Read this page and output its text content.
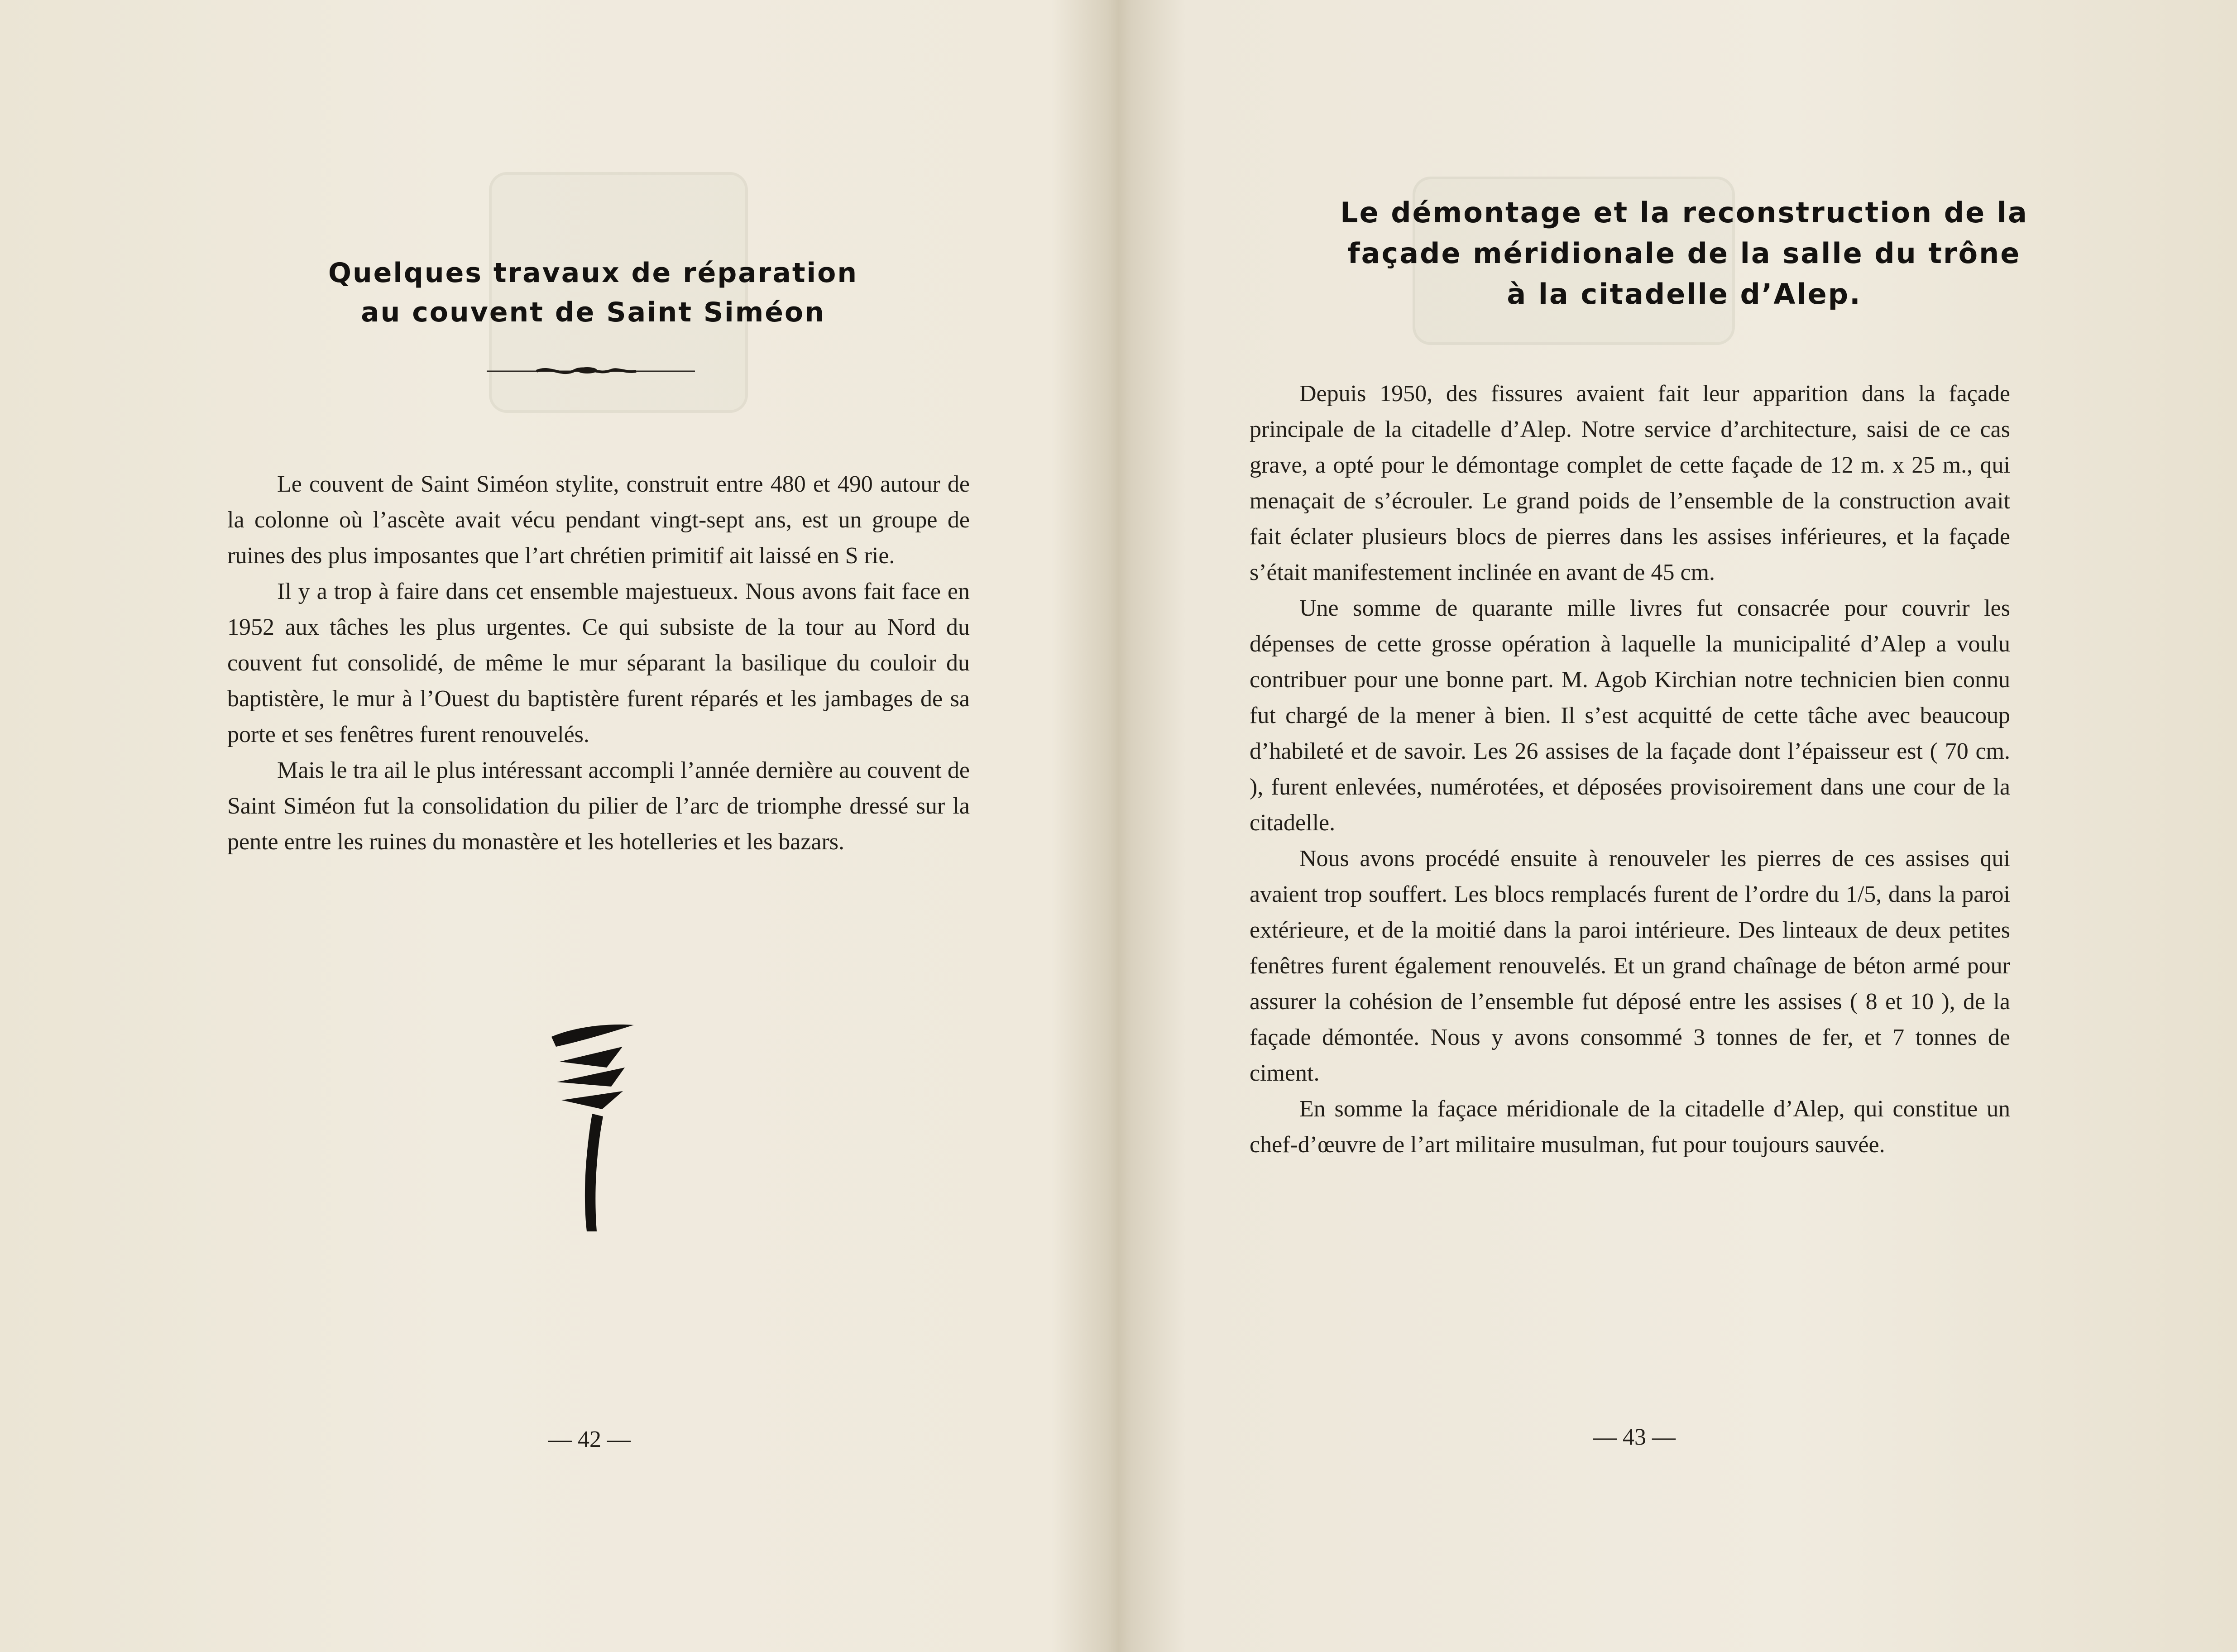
Quelques travaux de réparation
au couvent de Saint Siméon

Le couvent de Saint Siméon stylite, construit entre 480 et 490 autour de la colonne où l’ascète avait vécu pendant vingt-sept ans, est un groupe de ruines des plus imposantes que l’art chrétien primitif ait laissé en S rie.

Il y a trop à faire dans cet ensemble majestueux. Nous avons fait face en 1952 aux tâches les plus urgentes. Ce qui subsiste de la tour au Nord du couvent fut consolidé, de même le mur séparant la basilique du couloir du baptistère, le mur à l’Ouest du baptistère furent réparés et les jambages de sa porte et ses fenêtres furent renouvelés.

Mais le tra ail le plus intéressant accompli l’année dernière au couvent de Saint Siméon fut la consolidation du pilier de l’arc de triomphe dressé sur la pente entre les ruines du monastère et les hotelleries et les bazars.

— 42 —
Le démontage et la reconstruction de la
façade méridionale de la salle du trône
à la citadelle d’Alep.

Depuis 1950, des fissures avaient fait leur apparition dans la façade principale de la citadelle d’Alep. Notre service d’architecture, saisi de ce cas grave, a opté pour le démontage complet de cette façade de 12 m. x 25 m., qui menaçait de s’écrouler. Le grand poids de l’ensemble de la construction avait fait éclater plusieurs blocs de pierres dans les assises inférieures, et la façade s’était manifestement inclinée en avant de 45 cm.

Une somme de quarante mille livres fut consacrée pour couvrir les dépenses de cette grosse opération à laquelle la municipalité d’Alep a voulu contribuer pour une bonne part. M. Agob Kirchian notre technicien bien connu fut chargé de la mener à bien. Il s’est acquitté de cette tâche avec beaucoup d’habileté et de savoir. Les 26 assises de la façade dont l’épaisseur est ( 70 cm. ), furent enlevées, numérotées, et déposées provisoirement dans une cour de la citadelle.

Nous avons procédé ensuite à renouveler les pierres de ces assises qui avaient trop souffert. Les blocs remplacés furent de l’ordre du 1/5, dans la paroi extérieure, et de la moitié dans la paroi intérieure. Des linteaux de deux petites fenêtres furent également renouvelés. Et un grand chaînage de béton armé pour assurer la cohésion de l’ensemble fut déposé entre les assises ( 8 et 10 ), de la façade démontée. Nous y avons consommé 3 tonnes de fer, et 7 tonnes de ciment.

En somme la façace méridionale de la citadelle d’Alep, qui constitue un chef-d’œuvre de l’art militaire musulman, fut pour toujours sauvée.

— 43 —
